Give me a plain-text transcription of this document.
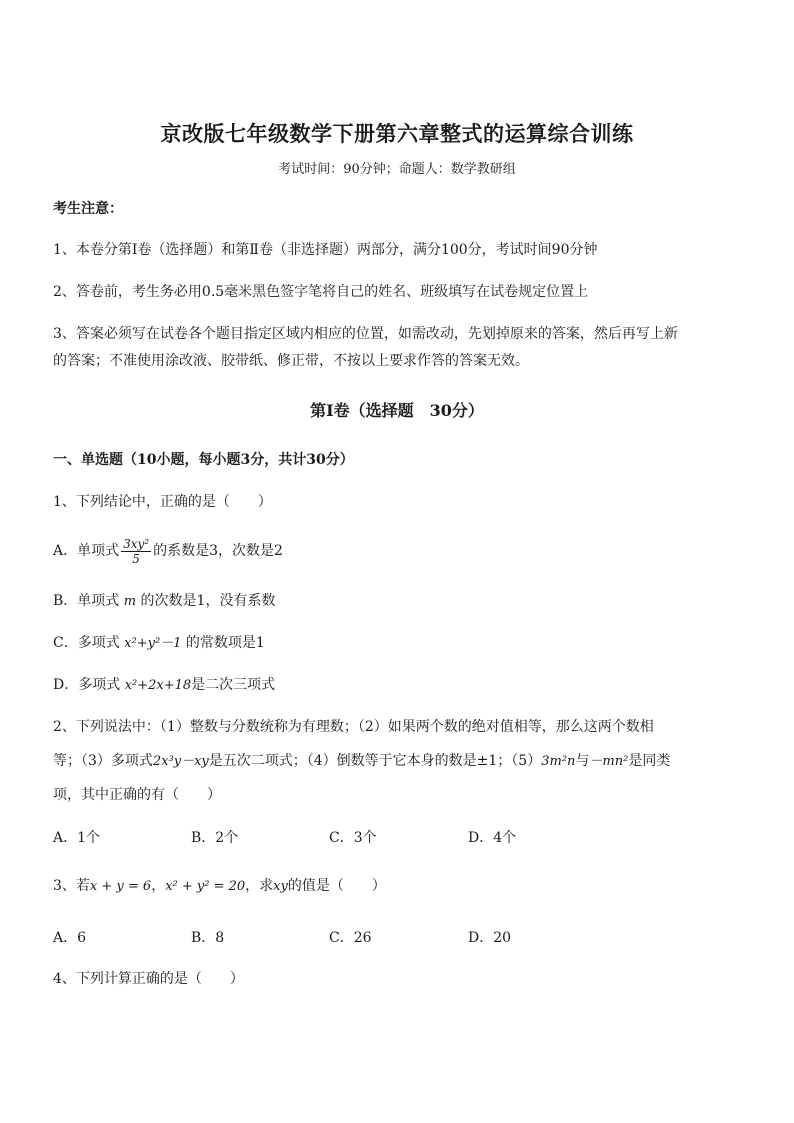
京改版七年级数学下册第六章整式的运算综合训练
考试时间：90分钟；命题人：数学教研组
考生注意：
1、本卷分第Ⅰ卷（选择题）和第Ⅱ卷（非选择题）两部分，满分100分，考试时间90分钟
2、答卷前，考生务必用0.5毫米黑色签字笔将自己的姓名、班级填写在试卷规定位置上
3、答案必须写在试卷各个题目指定区域内相应的位置，如需改动，先划掉原来的答案，然后再写上新
的答案；不准使用涂改液、胶带纸、修正带，不按以上要求作答的答案无效。
第Ⅰ卷（选择题　30分）
一、单选题（10小题，每小题3分，共计30分）
1、下列结论中，正确的是（　　）
A．单项式 $\frac{\text{3xy²}}{5}$ 的系数是3，次数是2
B．单项式 m 的次数是1，没有系数
C．多项式 x²+y²－1 的常数项是1
D．多项式 x²+2x+18是二次三项式
2、下列说法中：（1）整数与分数统称为有理数；（2）如果两个数的绝对值相等，那么这两个数相
等；（3）多项式2x³y－xy是五次二项式；（4）倒数等于它本身的数是±1；（5）3m²n与－mn²是同类
项，其中正确的有（　　）
A．1个	B．2个	C．3个	D．4个
3、若x + y = 6，x² + y² = 20，求xy的值是（　　）
A．6	B．8	C．26	D．20
4、下列计算正确的是（　　）
